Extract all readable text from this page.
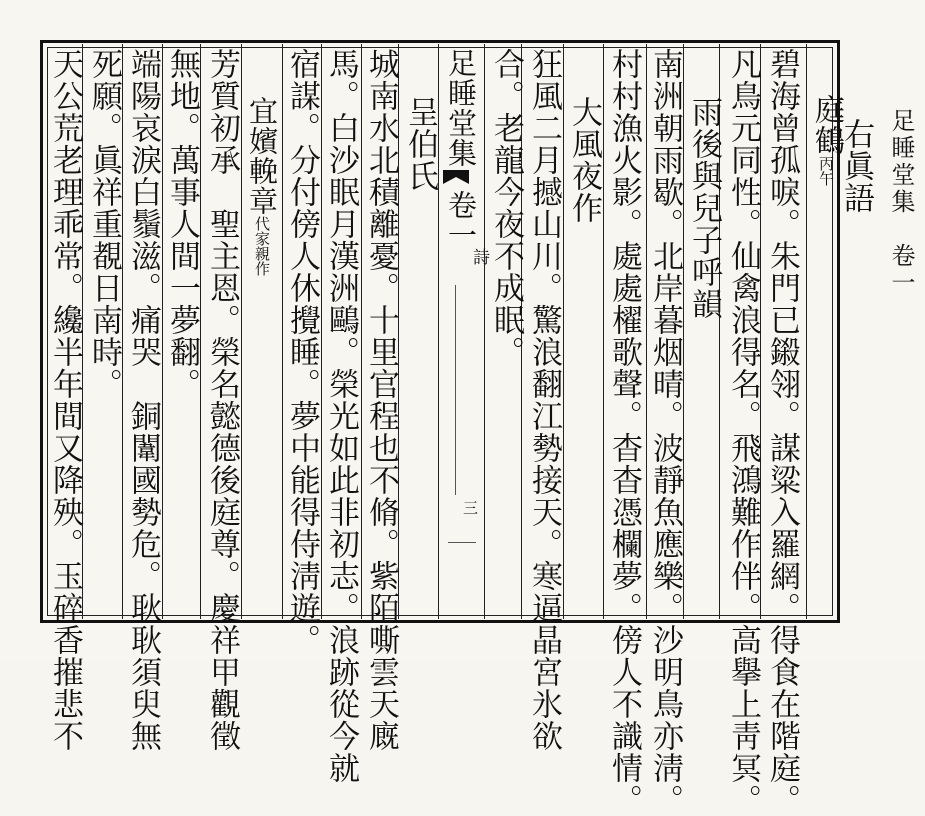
足睡堂集　卷一
右眞語
庭鶴丙午
碧海曾孤唳。朱門已鎩翎。謀粱入羅網。得食在階庭。
凡鳥元同性。仙禽浪得名。飛鴻難作伴。高擧上靑冥。
雨後與兒子呼韻
南洲朝雨歇。北岸暮烟晴。波靜魚應樂。沙明鳥亦淸。
村村漁火影。處處櫂歌聲。杳杳憑欄夢。傍人不識情。
大風夜作
狂風二月撼山川。驚浪翻江勢接天。寒逼晶宮氷欲
合。老龍今夜不成眠。
足睡堂集
卷一
詩
三
呈伯氏
城南水北積離憂。十里官程也不脩。紫陌嘶雲天廐
馬。白沙眠月漢洲鷗。榮光如此非初志。浪跡從今就
宿謀。分付傍人休攪睡。夢中能得侍淸遊。
宜嬪輓章代家親作
芳質初承　聖主恩。榮名懿德後庭尊。慶祥甲觀徵
無地。萬事人間一夢翻。
端陽哀淚白鬚滋。痛哭　銅闈國勢危。耿耿須臾無
死願。眞祥重覩日南時。
天公荒老理乖常。纔半年間又降殃。玉碎香摧悲不
